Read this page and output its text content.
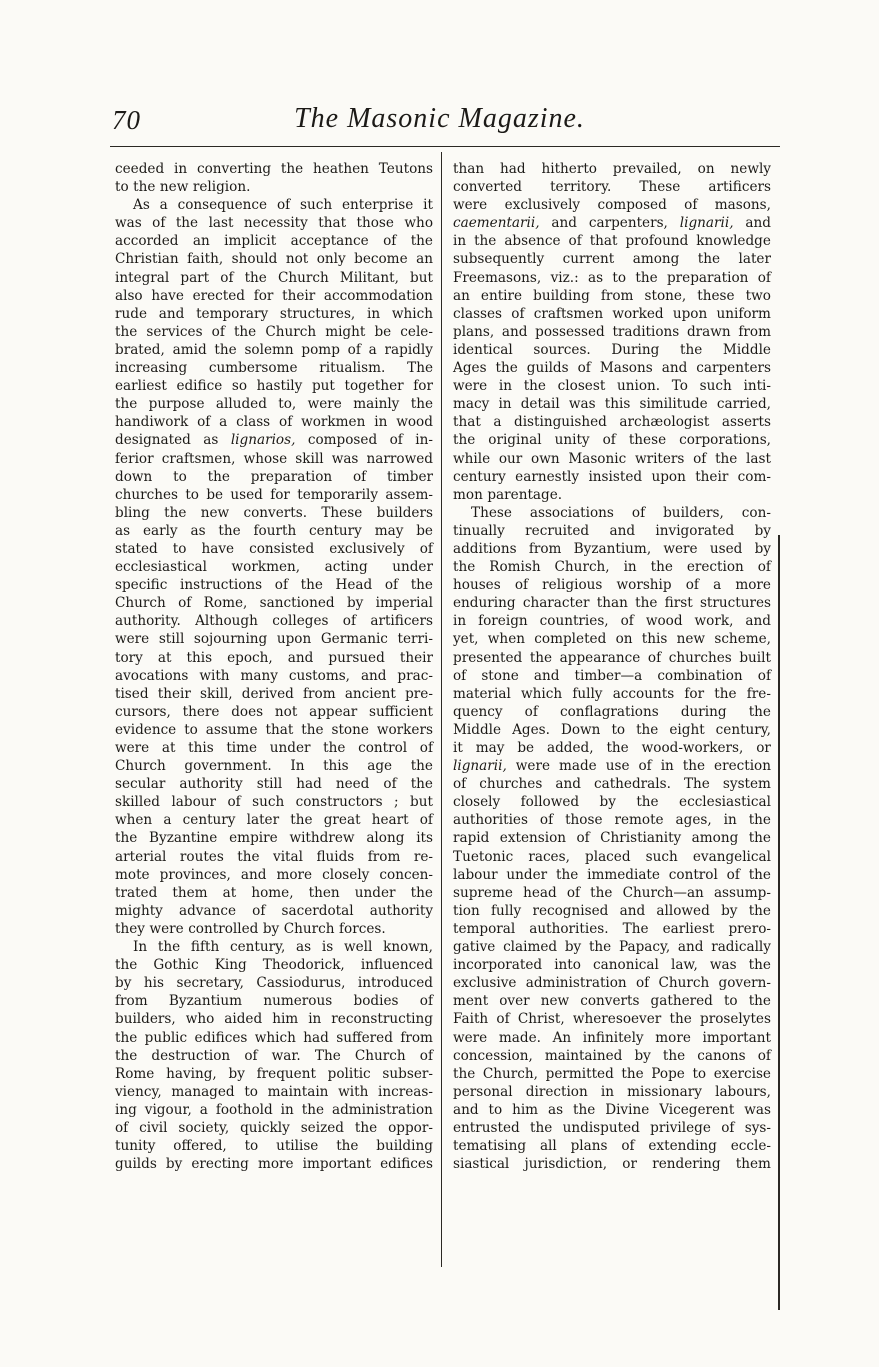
70	The Masonic Magazine.
ceeded in converting the heathen Teutons
to the new religion.
As a consequence of such enterprise it
was of the last necessity that those who
accorded an implicit acceptance of the
Christian faith, should not only become an
integral part of the Church Militant, but
also have erected for their accommodation
rude and temporary structures, in which
the services of the Church might be cele-
brated, amid the solemn pomp of a rapidly
increasing cumbersome ritualism. The
earliest edifice so hastily put together for
the purpose alluded to, were mainly the
handiwork of a class of workmen in wood
designated as lignarios, composed of in-
ferior craftsmen, whose skill was narrowed
down to the preparation of timber
churches to be used for temporarily assem-
bling the new converts. These builders
as early as the fourth century may be
stated to have consisted exclusively of
ecclesiastical workmen, acting under
specific instructions of the Head of the
Church of Rome, sanctioned by imperial
authority. Although colleges of artificers
were still sojourning upon Germanic terri-
tory at this epoch, and pursued their
avocations with many customs, and prac-
tised their skill, derived from ancient pre-
cursors, there does not appear sufficient
evidence to assume that the stone workers
were at this time under the control of
Church government. In this age the
secular authority still had need of the
skilled labour of such constructors ; but
when a century later the great heart of
the Byzantine empire withdrew along its
arterial routes the vital fluids from re-
mote provinces, and more closely concen-
trated them at home, then under the
mighty advance of sacerdotal authority
they were controlled by Church forces.
In the fifth century, as is well known,
the Gothic King Theodorick, influenced
by his secretary, Cassiodurus, introduced
from Byzantium numerous bodies of
builders, who aided him in reconstructing
the public edifices which had suffered from
the destruction of war. The Church of
Rome having, by frequent politic subser-
viency, managed to maintain with increas-
ing vigour, a foothold in the administration
of civil society, quickly seized the oppor-
tunity offered, to utilise the building
guilds by erecting more important edifices
than had hitherto prevailed, on newly
converted territory. These artificers
were exclusively composed of masons,
caementarii, and carpenters, lignarii, and
in the absence of that profound knowledge
subsequently current among the later
Freemasons, viz.: as to the preparation of
an entire building from stone, these two
classes of craftsmen worked upon uniform
plans, and possessed traditions drawn from
identical sources. During the Middle
Ages the guilds of Masons and carpenters
were in the closest union. To such inti-
macy in detail was this similitude carried,
that a distinguished archæologist asserts
the original unity of these corporations,
while our own Masonic writers of the last
century earnestly insisted upon their com-
mon parentage.
These associations of builders, con-
tinually recruited and invigorated by
additions from Byzantium, were used by
the Romish Church, in the erection of
houses of religious worship of a more
enduring character than the first structures
in foreign countries, of wood work, and
yet, when completed on this new scheme,
presented the appearance of churches built
of stone and timber—a combination of
material which fully accounts for the fre-
quency of conflagrations during the
Middle Ages. Down to the eight century,
it may be added, the wood-workers, or
lignarii, were made use of in the erection
of churches and cathedrals. The system
closely followed by the ecclesiastical
authorities of those remote ages, in the
rapid extension of Christianity among the
Tuetonic races, placed such evangelical
labour under the immediate control of the
supreme head of the Church—an assump-
tion fully recognised and allowed by the
temporal authorities. The earliest prero-
gative claimed by the Papacy, and radically
incorporated into canonical law, was the
exclusive administration of Church govern-
ment over new converts gathered to the
Faith of Christ, wheresoever the proselytes
were made. An infinitely more important
concession, maintained by the canons of
the Church, permitted the Pope to exercise
personal direction in missionary labours,
and to him as the Divine Vicegerent was
entrusted the undisputed privilege of sys-
tematising all plans of extending eccle-
siastical jurisdiction, or rendering them
